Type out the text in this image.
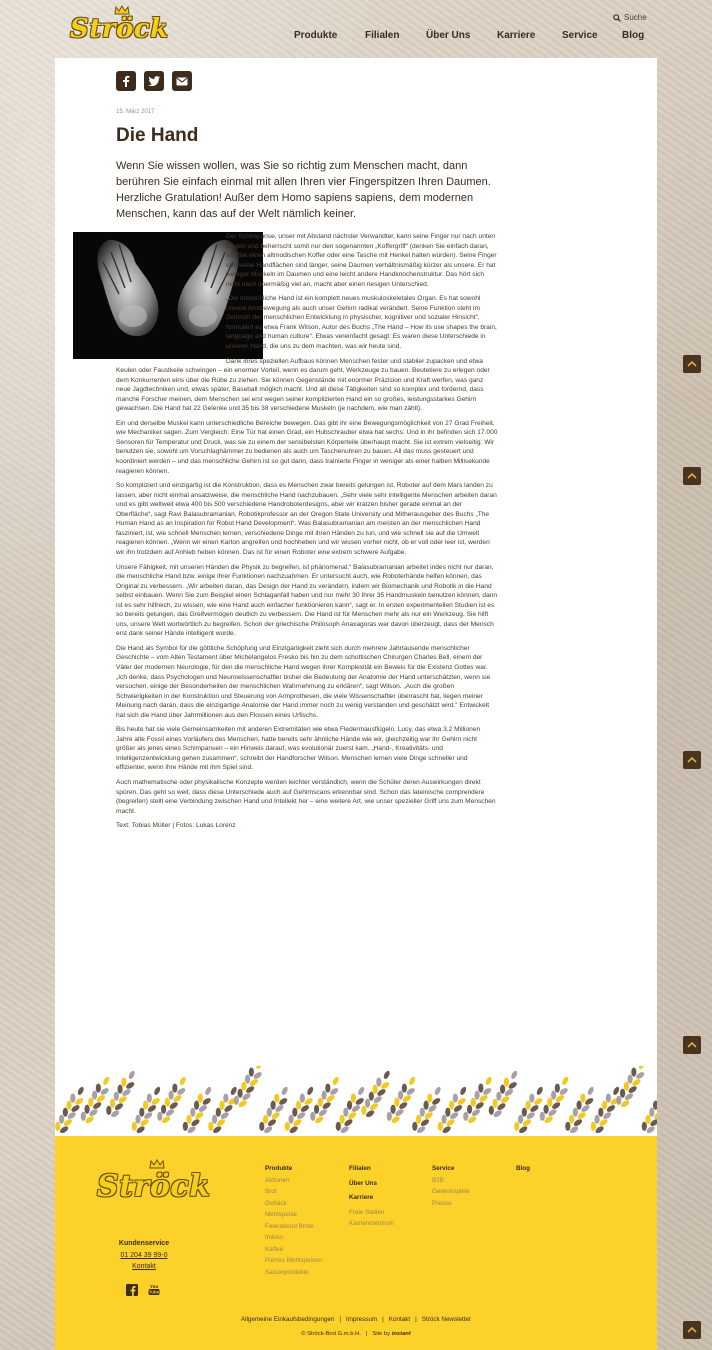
Ströck	Suche
Produkte	Filialen	Über Uns	Karriere	Service Blog
15. März 2017
Die Hand

Wenn Sie wissen wollen, was Sie so richtig zum Menschen macht, dann berühren Sie einfach einmal mit allen Ihren vier Fingerspitzen Ihren Daumen. Herzliche Gratulation! Außer dem Homo sapiens sapiens, dem modernen Menschen, kann das auf der Welt nämlich keiner.

Der Schimpanse, unser mit Abstand nächster Verwandter, kann seine Finger nur nach unten biegen und beherrscht somit nur den sogenannten „Koffergriff“ (denken Sie einfach daran, wie Sie einen altmodischen Koffer oder eine Tasche mit Henkel halten würden). Seine Finger und seine Handflächen sind länger, seine Daumen verhältnismäßig kürzer als unsere. Er hat weniger Muskeln im Daumen und eine leicht andere Handknochenstruktur. Das hört sich nicht nach übermäßig viel an, macht aber einen riesigen Unterschied.

„Die menschliche Hand ist ein komplett neues muskuloskeletales Organ. Es hat sowohl unsere Armbewegung als auch unser Gehirn radikal verändert. Seine Funktion steht im Zentrum der menschlichen Entwicklung in physischer, kognitiver und sozialer Hinsicht“, formuliert es etwa Frank Wilson, Autor des Buchs „The Hand – How its use shapes the brain, language and human culture“. Etwas vereinfacht gesagt: Es waren diese Unterschiede in unserer Hand, die uns zu dem machten, was wir heute sind.

Dank ihres speziellen Aufbaus können Menschen fester und stabiler zupacken und etwa Keulen oder Faustkeile schwingen – ein enormer Vorteil, wenn es darum geht, Werkzeuge zu bauen. Beutetiere zu erlegen oder dem Konkurrenten eins über die Rübe zu ziehen. Sie können Gegenstände mit enormer Präzision und Kraft werfen, was ganz neue Jagdtechniken und, etwas später, Baseball möglich macht. Und all diese Tätigkeiten sind so komplex und fordernd, dass manche Forscher meinen, dem Menschen sei erst wegen seiner komplizierten Hand ein so großes, leistungsstarkes Gehirn gewachsen. Die Hand hat 22 Gelenke und 35 bis 38 verschiedene Muskeln (je nachdem, wie man zählt).

Ein und derselbe Muskel kann unterschiedliche Bereiche bewegen. Das gibt ihr eine Bewegungsmöglichkeit von 27 Grad Freiheit, wie Mechaniker sagen. Zum Vergleich: Eine Tür hat einen Grad, ein Hubschrauber etwa hat sechs. Und in ihr befinden sich 17.000 Sensoren für Temperatur und Druck, was sie zu einem der sensibelsten Körperteile überhaupt macht. Sie ist extrem vielseitig: Wir benutzen sie, sowohl um Vorschlaghämmer zu bedienen als auch um Taschenuhren zu bauen. All das muss gesteuert und koordiniert werden – und das menschliche Gehirn ist so gut darin, dass trainierte Finger in weniger als einer halben Millisekunde reagieren können.

So kompliziert und einzigartig ist die Konstruktion, dass es Menschen zwar bereits gelungen ist, Roboter auf dem Mars landen zu lassen, aber nicht einmal ansatzweise, die menschliche Hand nachzubauen. „Sehr viele sehr intelligente Menschen arbeiten daran und es gibt weltweit etwa 400 bis 500 verschiedene Handroboterdesigns, aber wir kratzen bisher gerade einmal an der Oberfläche“, sagt Ravi Balasubramanian, Robotikprofessor an der Oregon State University und Mitherausgeber des Buchs „The Human Hand as an Inspiration for Robot Hand Development“. Was Balasubramanian am meisten an der menschlichen Hand fasziniert, ist, wie schnell Menschen lernen, verschiedene Dinge mit ihren Händen zu tun, und wie schnell sie auf die Umwelt reagieren können. „Wenn wir einen Karton angreifen und hochheben und wir wissen vorher nicht, ob er voll oder leer ist, werden wir ihn trotzdem auf Anhieb heben können. Das ist für einen Roboter eine extrem schwere Aufgabe.

Unsere Fähigkeit, mit unseren Händen die Physik zu begreifen, ist phänomenal.“ Balasubramanian arbeitet indes nicht nur daran, die menschliche Hand bzw. einige ihrer Funktionen nachzuahmen. Er untersucht auch, wie Roboterhände helfen können, das Original zu verbessern. „Wir arbeiten daran, das Design der Hand zu verändern, indem wir Biomechanik und Robotik in die Hand selbst einbauen. Wenn Sie zum Beispiel einen Schlaganfall haben und nur mehr 30 Ihrer 35 Handmuskeln benutzen können, dann ist es sehr hilfreich, zu wissen, wie eine Hand auch einfacher funktionieren kann“, sagt er. In ersten experimentellen Studien ist es so bereits gelungen, das Greifvermögen deutlich zu verbessern. Die Hand ist für Menschen mehr als nur ein Werkzeug. Sie hilft uns, unsere Welt wortwörtlich zu begreifen. Schon der griechische Philosoph Anaxagoras war davon überzeugt, dass der Mensch erst dank seiner Hände intelligent wurde.

Die Hand als Symbol für die göttliche Schöpfung und Einzigartigkeit zieht sich durch mehrere Jahrtausende menschlicher Geschichte – vom Alten Testament über Michelangelos Fresko bis hin zu dem schottischen Chirurgen Charles Bell, einem der Väter der modernen Neurologie, für den die menschliche Hand wegen ihrer Komplexität ein Beweis für die Existenz Gottes war. „Ich denke, dass Psychologen und Neurowissenschaftler bisher die Bedeutung der Anatomie der Hand unterschätzten, wenn sie versuchen, einige der Besonderheiten der menschlichen Wahrnehmung zu erklären“, sagt Wilson. „Auch die großen Schwierigkeiten in der Konstruktion und Steuerung von Armprothesen, die viele Wissenschaftler überrascht hat, liegen meiner Meinung nach daran, dass die einzigartige Anatomie der Hand immer noch zu wenig verstanden und geschätzt wird.“ Entwickelt hat sich die Hand über Jahrmillionen aus den Flossen eines Urfischs.

Bis heute hat sie viele Gemeinsamkeiten mit anderen Extremitäten wie etwa Fledermausflügeln. Lucy, das etwa 3,2 Millionen Jahre alte Fossil eines Vorläufers des Menschen, hatte bereits sehr ähnliche Hände wie wir, gleichzeitig war ihr Gehirn nicht größer als jenes eines Schimpansen – ein Hinweis darauf, was evolutionär zuerst kam. „Hand-, Kreativitäts- und Intelligenzentwicklung gehen zusammen“, schreibt der Handforscher Wilson. Menschen lernen viele Dinge schneller und effizienter, wenn ihre Hände mit ihm Spiel sind.

Auch mathematische oder physikalische Konzepte werden leichter verständlich, wenn die Schüler deren Auswirkungen direkt spüren. Das geht so weit, dass diese Unterschiede auch auf Gehirnscans erkennbar sind. Schon das lateinische comprendere (begreifen) stellt eine Verbindung zwischen Hand und Intellekt her – eine weitere Art, wie unser spezieller Griff uns zum Menschen macht.

Text: Tobias Müller | Fotos: Lukas Lorenz

Ströck
Kundenservice
01 204 39 99-0
Kontakt
You
Tube
Produkte
Aktionen
Brot
Gebäck
Mehlspeise
Feierabend Brote
Imbiss
Kaffee
Pierres Mehlspeisen
Saisonprodukte
Filialen
Über Uns
Karriere
Freie Stellen
Karrierezentrum
Service
B2B
Gewinnspiele
Presse
Blog
Allgemeine Einkaufsbedingungen | Impressum | Kontakt | Ströck Newsletter
© Ströck-Brot G.m.b.H. | Site by instant
